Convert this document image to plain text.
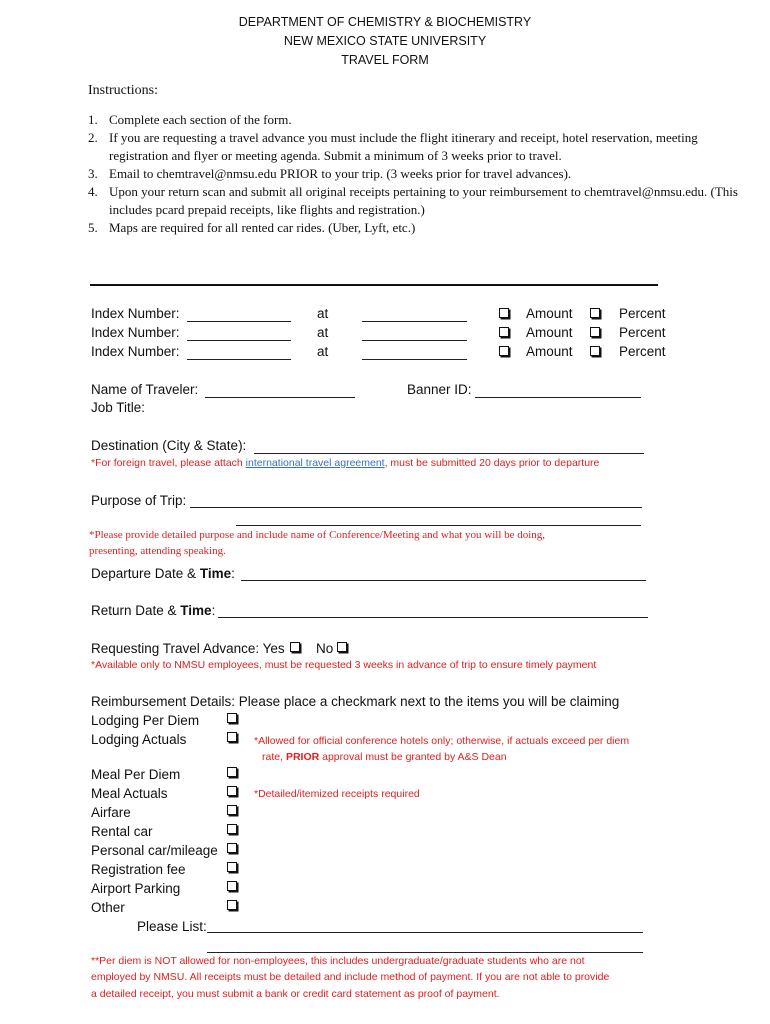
DEPARTMENT OF CHEMISTRY & BIOCHEMISTRY
NEW MEXICO STATE UNIVERSITY
TRAVEL FORM
Instructions:
1. Complete each section of the form.
2. If you are requesting a travel advance you must include the flight itinerary and receipt, hotel reservation, meeting registration and flyer or meeting agenda. Submit a minimum of 3 weeks prior to travel.
3. Email to chemtravel@nmsu.edu PRIOR to your trip. (3 weeks prior for travel advances).
4. Upon your return scan and submit all original receipts pertaining to your reimbursement to chemtravel@nmsu.edu. (This includes pcard prepaid receipts, like flights and registration.)
5. Maps are required for all rented car rides. (Uber, Lyft, etc.)
Index Number:	at	Amount	Percent
Index Number:	at	Amount	Percent
Index Number:	at	Amount	Percent
Name of Traveler:	Banner ID:
Job Title:
Destination (City & State):
*For foreign travel, please attach international travel agreement, must be submitted 20 days prior to departure
Purpose of Trip:
*Please provide detailed purpose and include name of Conference/Meeting and what you will be doing,
presenting, attending speaking.
Departure Date & Time:
Return Date & Time:
Requesting Travel Advance: Yes No
*Available only to NMSU employees, must be requested 3 weeks in advance of trip to ensure timely payment
Reimbursement Details: Please place a checkmark next to the items you will be claiming
Lodging Per Diem
Lodging Actuals	*Allowed for official conference hotels only; otherwise, if actuals exceed per diem
rate, PRIOR approval must be granted by A&S Dean
Meal Per Diem
Meal Actuals	*Detailed/itemized receipts required
Airfare
Rental car
Personal car/mileage
Registration fee
Airport Parking
Other
Please List:
**Per diem is NOT allowed for non-employees, this includes undergraduate/graduate students who are not
employed by NMSU. All receipts must be detailed and include method of payment. If you are not able to provide
a detailed receipt, you must submit a bank or credit card statement as proof of payment.
